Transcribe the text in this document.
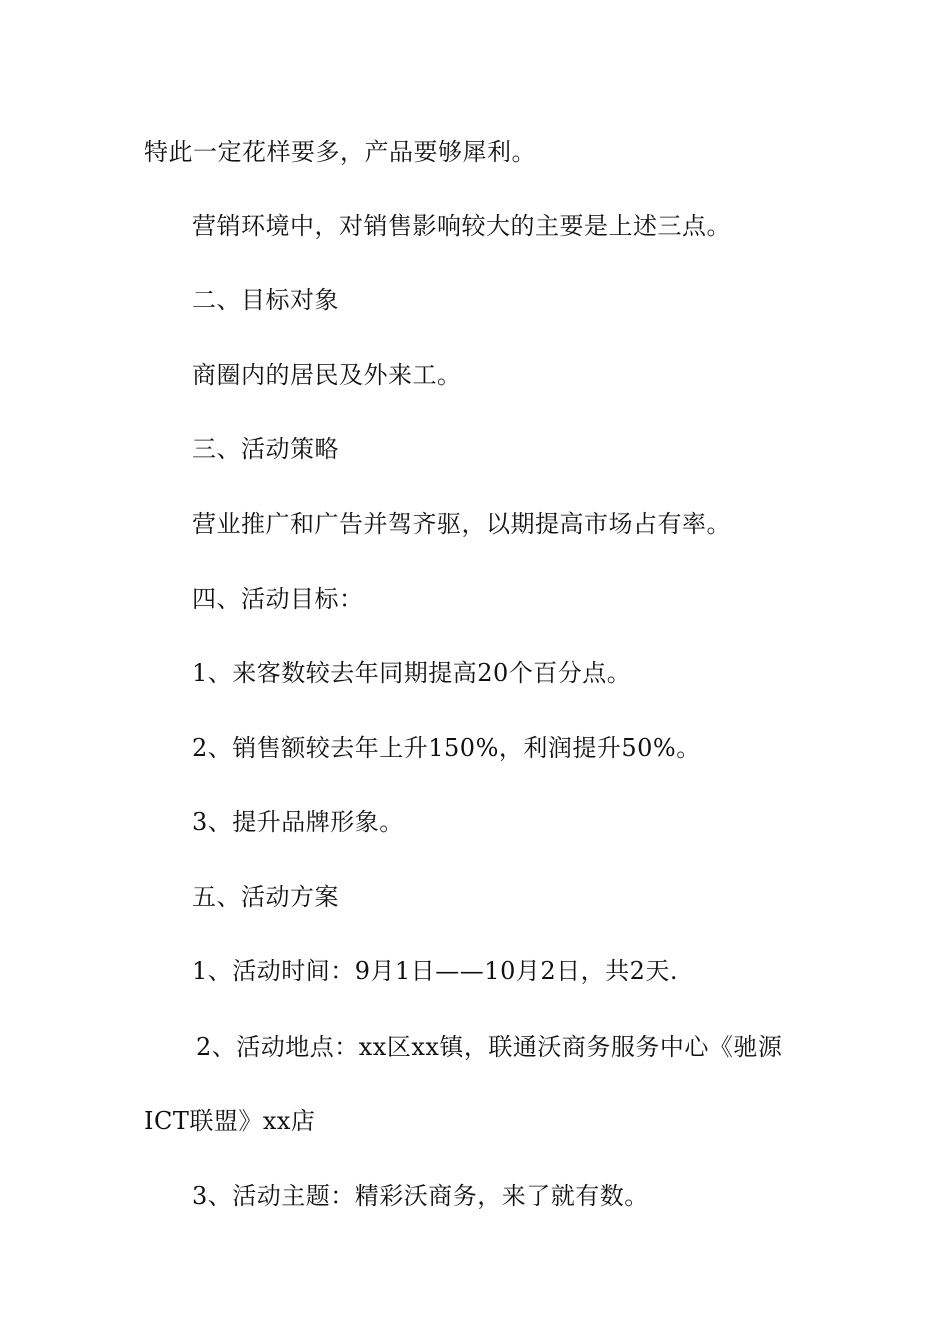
特此一定花样要多，产品要够犀利。
营销环境中，对销售影响较大的主要是上述三点。
二、目标对象
商圈内的居民及外来工。
三、活动策略
营业推广和广告并驾齐驱，以期提高市场占有率。
四、活动目标：
1、来客数较去年同期提高20个百分点。
2、销售额较去年上升150%，利润提升50%。
3、提升品牌形象。
五、活动方案
1、活动时间：9月1日——10月2日，共2天.
2、活动地点：xx区xx镇，联通沃商务服务中心《驰源
ICT联盟》xx店
3、活动主题：精彩沃商务，来了就有数。
